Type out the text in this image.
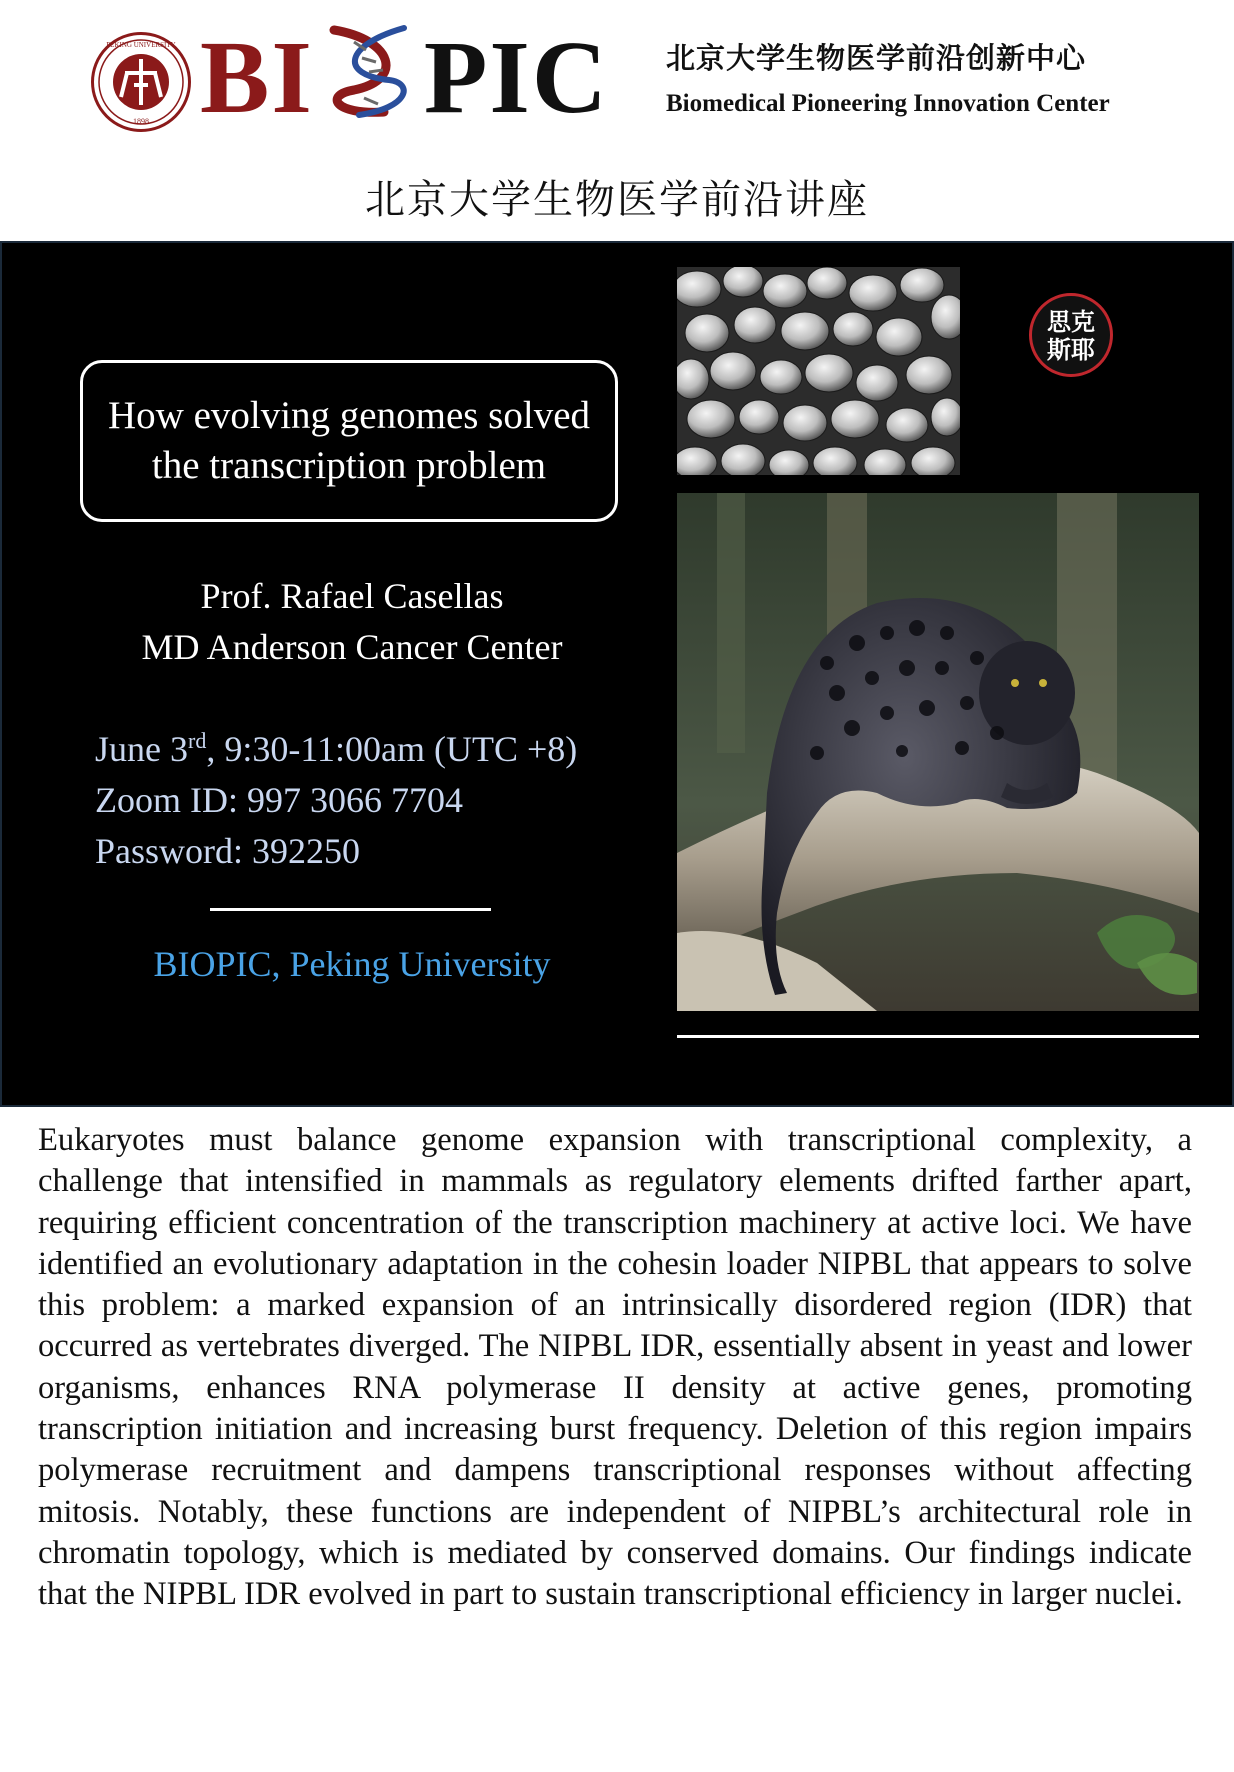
PEKING UNIVERSITY
1898 BI PIC 北京大学生物医学前沿创新中心
Biomedical Pioneering Innovation Center
北京大学生物医学前沿讲座
How evolving genomes solved
the transcription problem
Prof. Rafael Casellas
MD Anderson Cancer Center
June 3rd, 9:30-11:00am (UTC +8)
Zoom ID: 997 3066 7704
Password: 392250
BIOPIC, Peking University
思克
斯耶
Eukaryotes must balance genome expansion with transcriptional complexity, a challenge that intensified in mammals as regulatory elements drifted farther apart, requiring efficient concentration of the transcription machinery at active loci. We have identified an evolutionary adaptation in the cohesin loader NIPBL that appears to solve this problem: a marked expansion of an intrinsically disordered region (IDR) that occurred as vertebrates diverged. The NIPBL IDR, essentially absent in yeast and lower organisms, enhances RNA polymerase II density at active genes, promoting transcription initiation and increasing burst frequency. Deletion of this region impairs polymerase recruitment and dampens transcriptional responses without affecting mitosis. Notably, these functions are independent of NIPBL’s architectural role in chromatin topology, which is mediated by conserved domains. Our findings indicate that the NIPBL IDR evolved in part to sustain transcriptional efficiency in larger nuclei.
